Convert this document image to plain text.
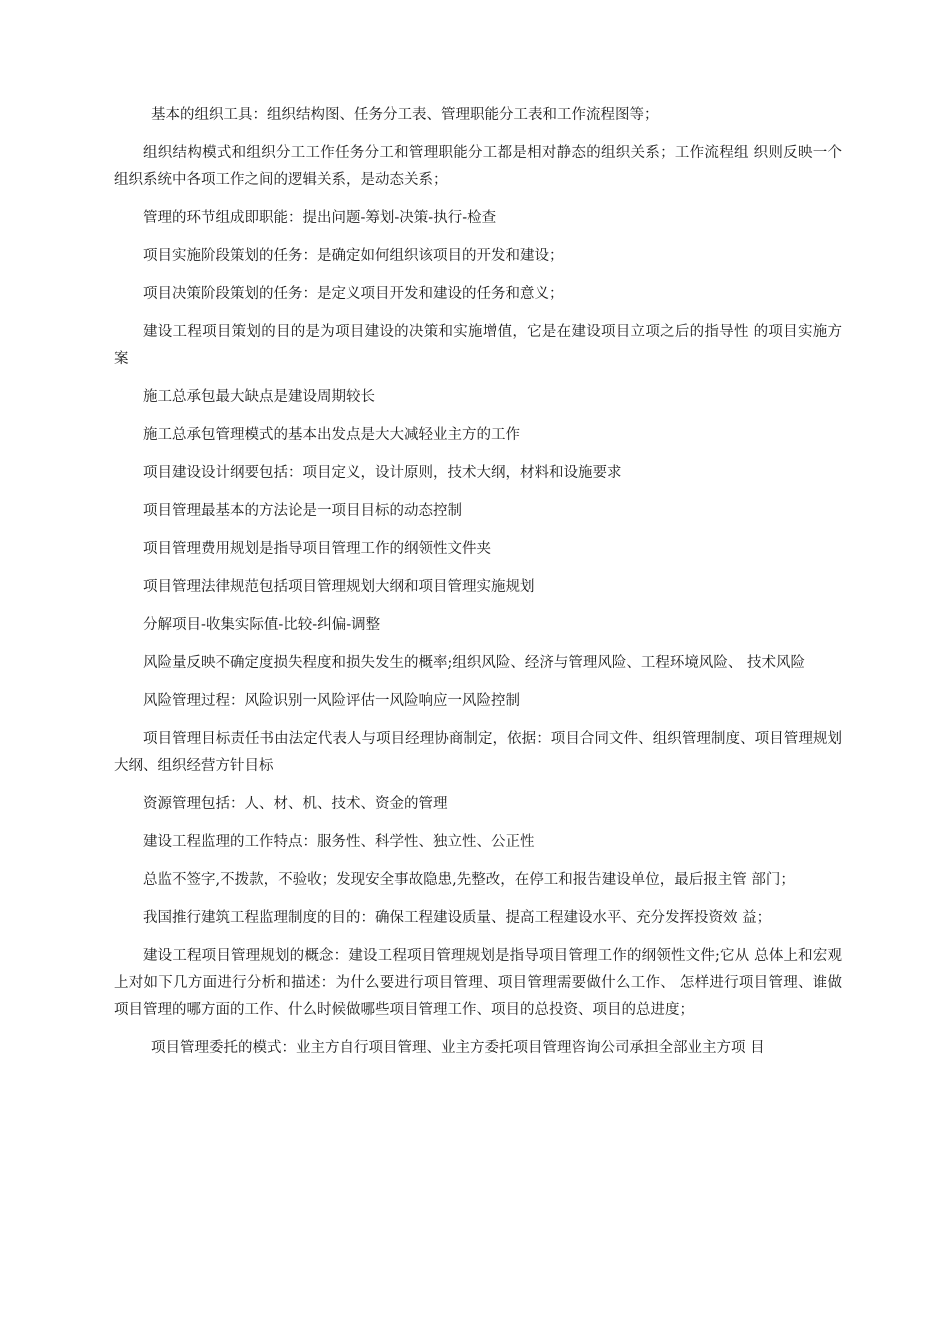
基本的组织工具：组织结构图、任务分工表、管理职能分工表和工作流程图等；

组织结构模式和组织分工工作任务分工和管理职能分工都是相对静态的组织关系；工作流程组 织则反映一个组织系统中各项工作之间的逻辑关系，是动态关系；

管理的环节组成即职能：提出问题-筹划-决策-执行-检查

项目实施阶段策划的任务：是确定如何组织该项目的开发和建设；

项目决策阶段策划的任务：是定义项目开发和建设的任务和意义；

建设工程项目策划的目的是为项目建设的决策和实施增值，它是在建设项目立项之后的指导性 的项目实施方案

施工总承包最大缺点是建设周期较长

施工总承包管理模式的基本出发点是大大减轻业主方的工作

项目建设设计纲要包括：项目定义，设计原则，技术大纲，材料和设施要求

项目管理最基本的方法论是一项目目标的动态控制

项目管理费用规划是指导项目管理工作的纲领性文件夹

项目管理法律规范包括项目管理规划大纲和项目管理实施规划

分解项目-收集实际值-比较-纠偏-调整

风险量反映不确定度损失程度和损失发生的概率;组织风险、经济与管理风险、工程环境风险、 技术风险

风险管理过程：风险识别一风险评估一风险响应一风险控制

项目管理目标责任书由法定代表人与项目经理协商制定，依据：项目合同文件、组织管理制度、项目管理规划大纲、组织经营方针目标

资源管理包括：人、材、机、技术、资金的管理

建设工程监理的工作特点：服务性、科学性、独立性、公正性

总监不签字,不拨款，不验收；发现安全事故隐患,先整改，在停工和报告建设单位，最后报主管 部门；

我国推行建筑工程监理制度的目的：确保工程建设质量、提高工程建设水平、充分发挥投资效 益；

建设工程项目管理规划的概念：建设工程项目管理规划是指导项目管理工作的纲领性文件;它从 总体上和宏观上对如下几方面进行分析和描述：为什么要进行项目管理、项目管理需要做什么工作、 怎样进行项目管理、谁做项目管理的哪方面的工作、什么时候做哪些项目管理工作、项目的总投资、项目的总进度；

项目管理委托的模式：业主方自行项目管理、业主方委托项目管理咨询公司承担全部业主方项 目
